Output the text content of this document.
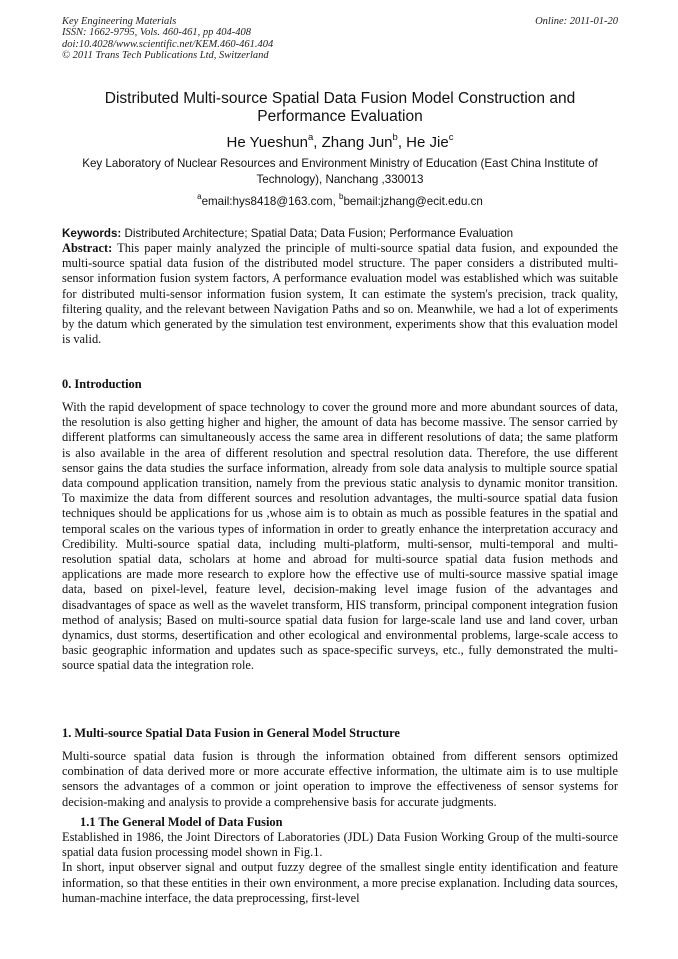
Key Engineering Materials
ISSN: 1662-9795, Vols. 460-461, pp 404-408
doi:10.4028/www.scientific.net/KEM.460-461.404
© 2011 Trans Tech Publications Ltd, Switzerland
Online: 2011-01-20
Distributed Multi-source Spatial Data Fusion Model Construction and Performance Evaluation
He Yueshun$^a$, Zhang Jun$^b$, He Jie$^c$
Key Laboratory of Nuclear Resources and Environment Ministry of Education (East China Institute of Technology), Nanchang ,330013
$^a$email:hys8418@163.com, $^b$bemail:jzhang@ecit.edu.cn
Keywords: Distributed Architecture; Spatial Data; Data Fusion; Performance Evaluation

Abstract: This paper mainly analyzed the principle of multi-source spatial data fusion, and expounded the multi-source spatial data fusion of the distributed model structure. The paper considers a distributed multi-sensor information fusion system factors, A performance evaluation model was established which was suitable for distributed multi-sensor information fusion system, It can estimate the system's precision, track quality, filtering quality, and the relevant between Navigation Paths and so on. Meanwhile, we had a lot of experiments by the datum which generated by the simulation test environment, experiments show that this evaluation model is valid.

0. Introduction

With the rapid development of space technology to cover the ground more and more abundant sources of data, the resolution is also getting higher and higher, the amount of data has become massive. The sensor carried by different platforms can simultaneously access the same area in different resolutions of data; the same platform is also available in the area of different resolution and spectral resolution data. Therefore, the use different sensor gains the data studies the surface information, already from sole data analysis to multiple source spatial data compound application transition, namely from the previous static analysis to dynamic monitor transition. To maximize the data from different sources and resolution advantages, the multi-source spatial data fusion techniques should be applications for us ,whose aim is to obtain as much as possible features in the spatial and temporal scales on the various types of information in order to greatly enhance the interpretation accuracy and Credibility. Multi-source spatial data, including multi-platform, multi-sensor, multi-temporal and multi-resolution spatial data, scholars at home and abroad for multi-source spatial data fusion methods and applications are made more research to explore how the effective use of multi-source massive spatial image data, based on pixel-level, feature level, decision-making level image fusion of the advantages and disadvantages of space as well as the wavelet transform, HIS transform, principal component integration fusion method of analysis; Based on multi-source spatial data fusion for large-scale land use and land cover, urban dynamics, dust storms, desertification and other ecological and environmental problems, large-scale access to basic geographic information and updates such as space-specific surveys, etc., fully demonstrated the multi-source spatial data the integration role.

1. Multi-source Spatial Data Fusion in General Model Structure

Multi-source spatial data fusion is through the information obtained from different sensors optimized combination of data derived more or more accurate effective information, the ultimate aim is to use multiple sensors the advantages of a common or joint operation to improve the effectiveness of sensor systems for decision-making and analysis to provide a comprehensive basis for accurate judgments.

1.1 The General Model of Data Fusion

Established in 1986, the Joint Directors of Laboratories (JDL) Data Fusion Working Group of the multi-source spatial data fusion processing model shown in Fig.1.

In short, input observer signal and output fuzzy degree of the smallest single entity identification and feature information, so that these entities in their own environment, a more precise explanation. Including data sources, human-machine interface, the data preprocessing, first-level
